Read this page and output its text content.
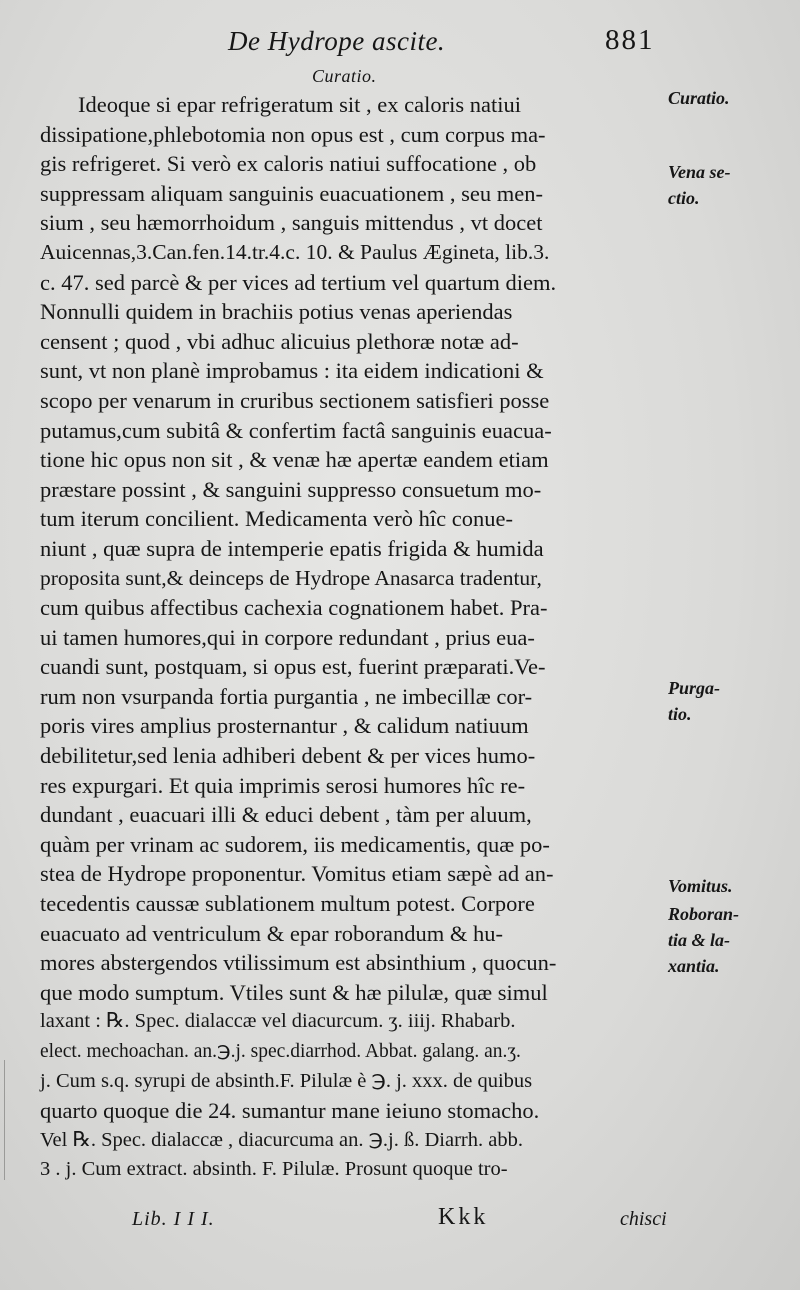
De Hydrope ascite.	881
Curatio.
Ideoque si epar refrigeratum sit , ex caloris natiui
dissipatione,phlebotomia non opus est , cum corpus ma-
gis refrigeret. Si verò ex caloris natiui suffocatione , ob
suppressam aliquam sanguinis euacuationem , seu men-
sium , seu hæmorrhoidum , sanguis mittendus , vt docet
Auicennas,3.Can.fen.14.tr.4.c. 10. & Paulus Ægineta, lib.3.
c. 47. sed parcè & per vices ad tertium vel quartum diem.
Nonnulli quidem in brachiis potius venas aperiendas
censent ; quod , vbi adhuc alicuius plethoræ notæ ad-
sunt, vt non planè improbamus : ita eidem indicationi &
scopo per venarum in cruribus sectionem satisfieri posse
putamus,cum subitâ & confertim factâ sanguinis euacua-
tione hic opus non sit , & venæ hæ apertæ eandem etiam
præstare possint , & sanguini suppresso consuetum mo-
tum iterum concilient. Medicamenta verò hîc conue-
niunt , quæ supra de intemperie epatis frigida & humida
proposita sunt,& deinceps de Hydrope Anasarca tradentur,
cum quibus affectibus cachexia cognationem habet. Pra-
ui tamen humores,qui in corpore redundant , prius eua-
cuandi sunt, postquam, si opus est, fuerint præparati.Ve-
rum non vsurpanda fortia purgantia , ne imbecillæ cor-
poris vires amplius prosternantur , & calidum natiuum
debilitetur,sed lenia adhiberi debent & per vices humo-
res expurgari. Et quia imprimis serosi humores hîc re-
dundant , euacuari illi & educi debent , tàm per aluum,
quàm per vrinam ac sudorem, iis medicamentis, quæ po-
stea de Hydrope proponentur. Vomitus etiam sæpè ad an-
tecedentis caussæ sublationem multum potest. Corpore
euacuato ad ventriculum & epar roborandum & hu-
mores abstergendos vtilissimum est absinthium , quocun-
que modo sumptum. Vtiles sunt & hæ pilulæ, quæ simul
laxant : ℞. Spec. dialaccæ vel diacurcum. ʒ. iiij. Rhabarb.
elect. mechoachan. an.℈.j. spec.diarrhod. Abbat. galang. an.ʒ.
j. Cum s.q. syrupi de absinth.F. Pilulæ è ℈. j. xxx. de quibus
quarto quoque die 24. sumantur mane ieiuno stomacho.
Vel ℞. Spec. dialaccæ , diacurcuma an. ℈.j. ß. Diarrh. abb.
3 . j. Cum extract. absinth. F. Pilulæ. Prosunt quoque tro-
Curatio.
Vena se-
ctio.
Purga-
tio.
Vomitus.
Roboran-
tia & la-
xantia.
Lib. I I I.	Kkk	chisci
